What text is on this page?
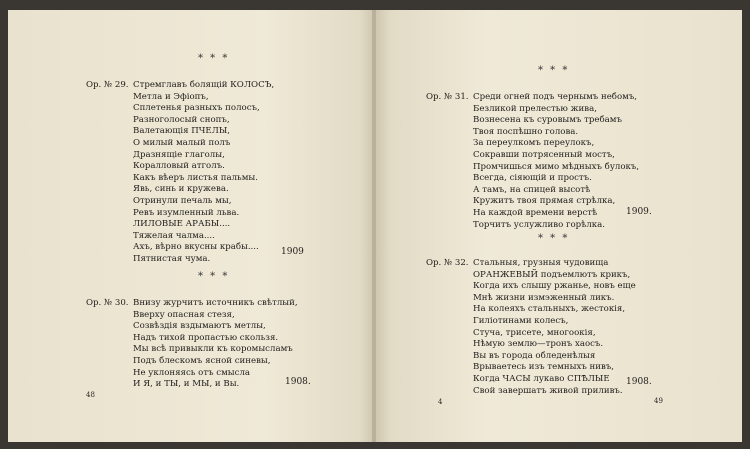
* * *
Ор. № 29. Стремглавъ болящій КОЛОСЪ,
Метла и Эфіопъ,
Сплетенья разныхъ полосъ,
Разноголосый снопъ,
Валетающія ПЧЕЛЫ,
О милый малый полъ
Дразнящіе глаголы,
Коралловый атголъ.
Какъ вѣеръ листья пальмы.
Явь, синь и кружева.
Отринули печаль мы,
Ревъ изумленный льва.
ЛИЛОВЫЕ АРАБЫ....
Тяжелая чалма....
Ахъ, вѣрно вкусны крабы....
Пятнистая чума.
1909
* * *
Ор. № 30. Внизу журчитъ источникъ свѣтлый,
Вверху опасная стезя,
Созвѣздія вздымаютъ метлы,
Надъ тихой пропастью скользя.
Мы всѣ привыкли къ коромысламъ
Подъ блескомъ ясной синевы,
Не уклоняясь отъ смысла
И Я, и ТЫ, и МЫ, и Вы.	1908.
48
* * *
Ор. № 31. Среди огней подъ чернымъ небомъ,
Безликой прелестью жива,
Вознесена къ суровымъ требамъ
Твоя поспѣшно голова.
За переулкомъ переулокъ,
Сокравши потрясенный мостъ,
Промчишься мимо мѣдныхъ булокъ,
Всегда, сіяющій и простъ.
А тамъ, на спицей высотѣ
Кружитъ твоя прямая стрѣлка,
На каждой времени верстѣ
Торчитъ услужливо горѣлка.
1909.
* * *
Ор. № 32. Стальныя, грузныя чудовища
ОРАНЖЕВЫЙ подъемлютъ крикъ,
Когда ихъ слышу ржанье, новъ еще
Мнѣ жизни измэженный ликъ.
На колеяхъ стальныхъ, жестокія,
Гиліотинами колесъ,
Стуча, трисете, многоокія,
Нѣмую землю—тронъ хаосъ.
Вы въ города обледенѣлыя
Врываетесь изъ темныхъ нивъ,
Когда ЧАСЫ лукаво СПѢЛЫЕ
Свой завершатъ живой приливъ.
1908.
4	49
